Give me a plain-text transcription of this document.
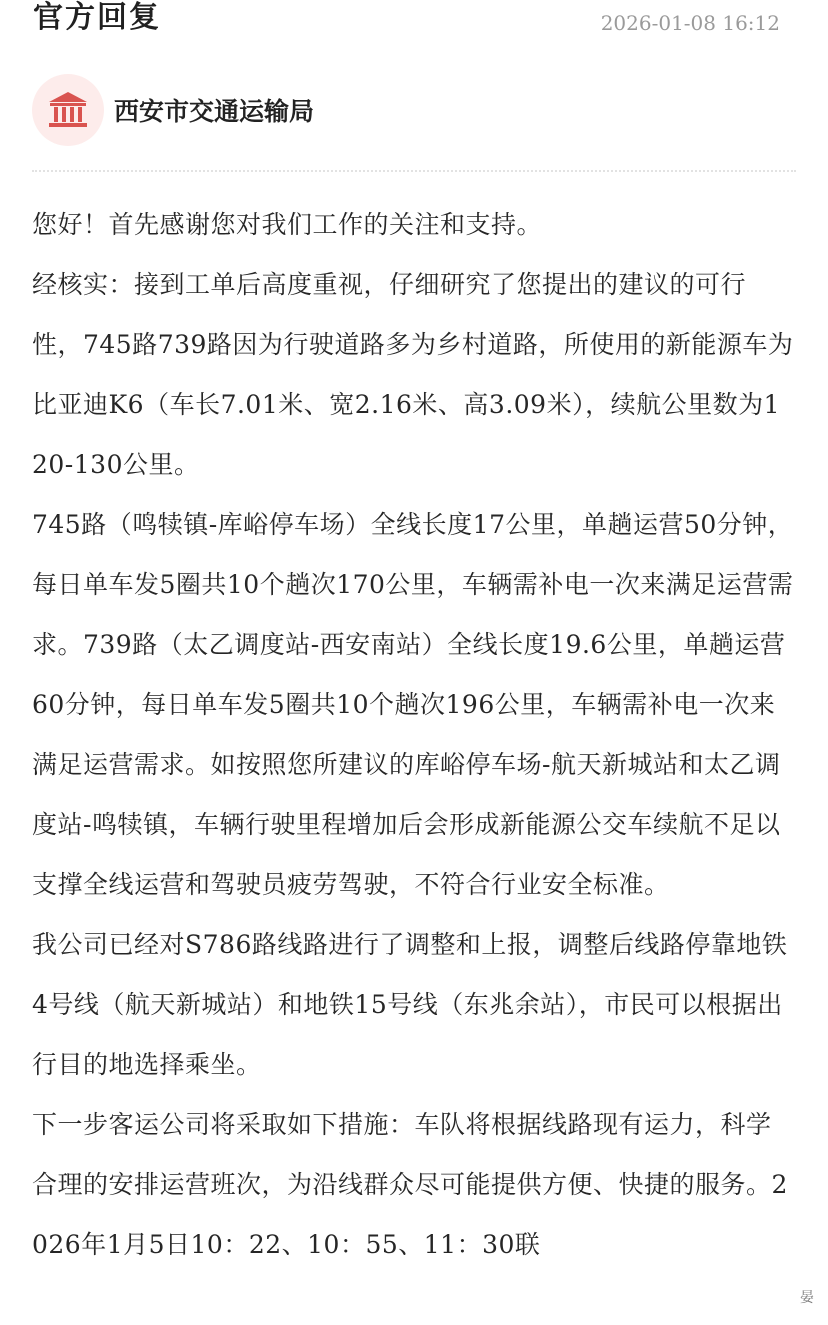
官方回复	2026-01-08 16:12
西安市交通运输局

您好！首先感谢您对我们工作的关注和支持。

经核实：接到工单后高度重视，仔细研究了您提出的建议的可行性，745路739路因为行驶道路多为乡村道路，所使用的新能源车为比亚迪K6（车长7.01米、宽2.16米、高3.09米），续航公里数为120-130公里。

745路（鸣犊镇-库峪停车场）全线长度17公里，单趟运营50分钟，每日单车发5圈共10个趟次170公里，车辆需补电一次来满足运营需求。739路（太乙调度站-西安南站）全线长度19.6公里，单趟运营60分钟，每日单车发5圈共10个趟次196公里，车辆需补电一次来满足运营需求。如按照您所建议的库峪停车场-航天新城站和太乙调度站-鸣犊镇，车辆行驶里程增加后会形成新能源公交车续航不足以支撑全线运营和驾驶员疲劳驾驶，不符合行业安全标准。

我公司已经对S786路线路进行了调整和上报，调整后线路停靠地铁4号线（航天新城站）和地铁15号线（东兆余站），市民可以根据出行目的地选择乘坐。

下一步客运公司将采取如下措施：车队将根据线路现有运力，科学合理的安排运营班次，为沿线群众尽可能提供方便、快捷的服务。2026年1月5日10：22、10：55、11：30联

晏
